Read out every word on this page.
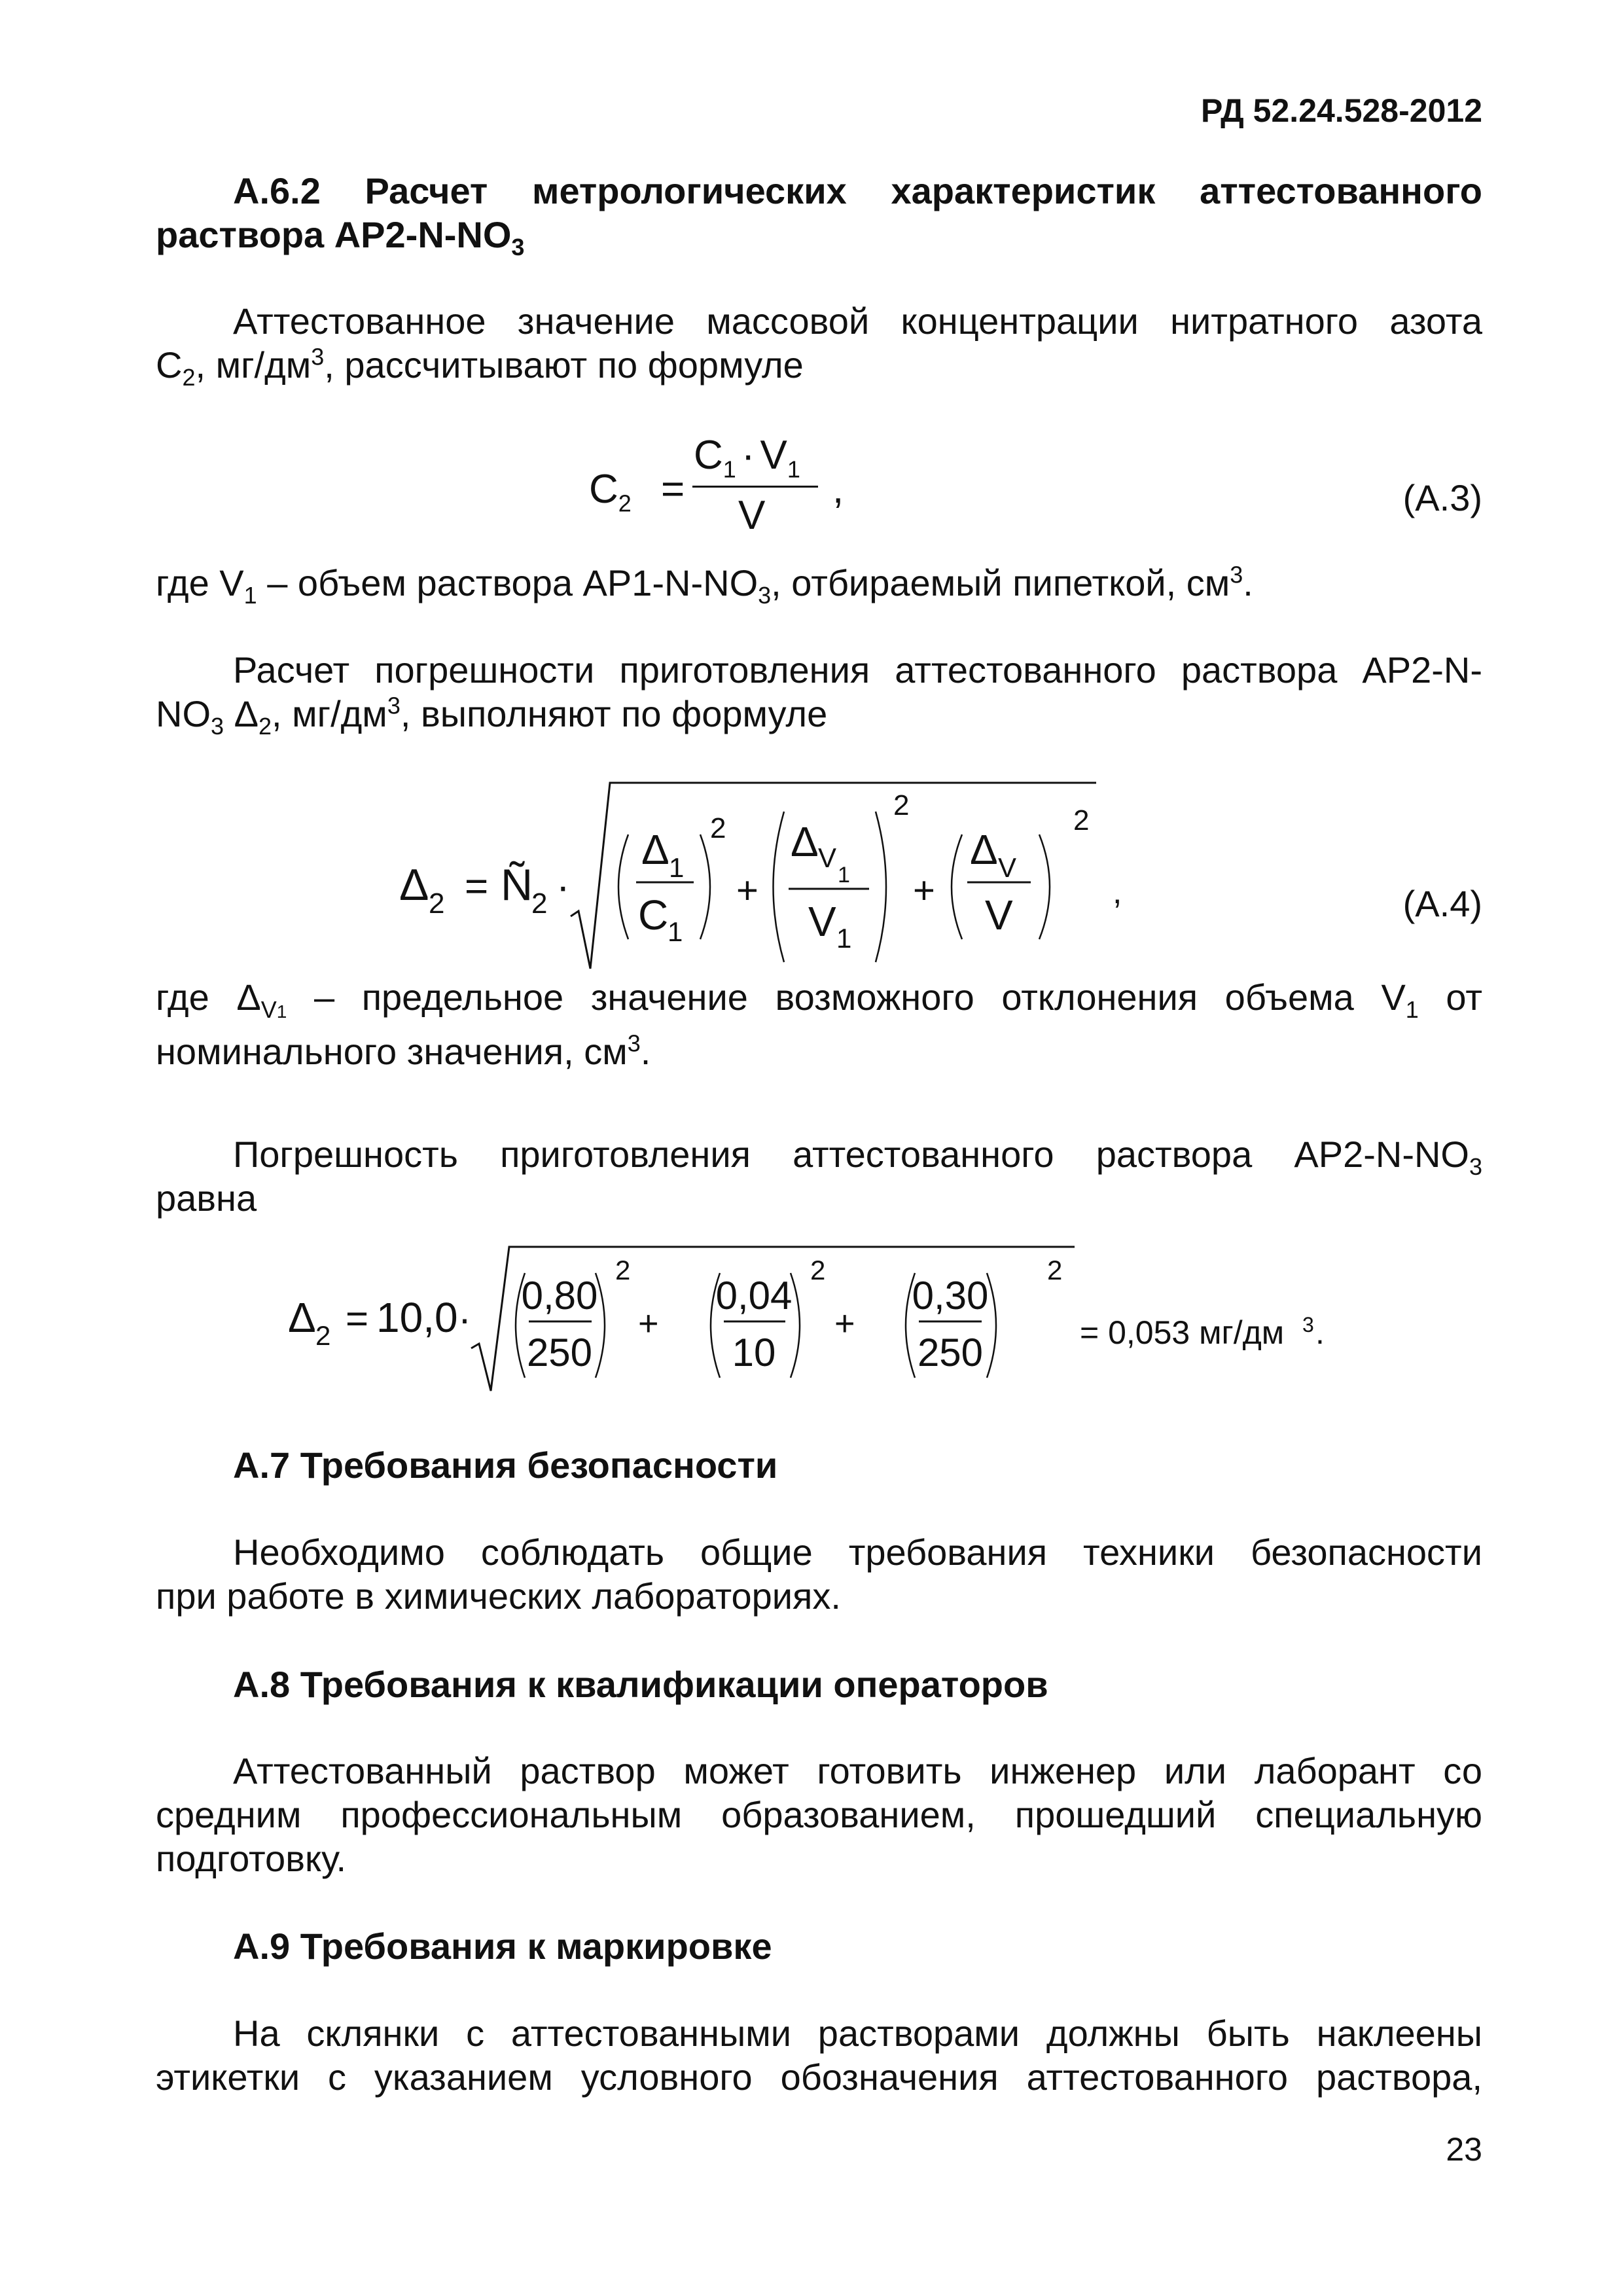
РД 52.24.528-2012
А.6.2 Расчет метрологических характеристик аттестованного
раствора $АР2-N-NO_3$
Аттестованное значение массовой концентрации нитратного азота
$С_2$, $мг/дм^3$, рассчитывают по формуле
$C_2$ =
$C_1 \cdot V_1$
V
,	(А.3)
где $V_1$ – объем раствора $АР1-N-NO_3$, отбираемый пипеткой, $см^3$.
Расчет погрешности приготовления аттестованного раствора АР2-N-
$NO_3$ $\Delta_2$, $мг/дм^3$, выполняют по формуле
Δ 2 = Ñ
2 ·
Δ 1
C
1
2
+
Δ V
1
V 1
2
+
Δ V
V
2
,	(А.4)
где $\Delta_{V1}$ – предельное значение возможного отклонения объема $V_1$ от
номинального значения, $см^3$.
Погрешность приготовления аттестованного раствора $АР2-N-NO_3$
равна
Δ 2 = 10,0 ·
0,80
250
2
+
0,04
10
2
+
0,30
250
2
= 0,053 мг/дм 3 .
А.7 Требования безопасности
Необходимо соблюдать общие требования техники безопасности
при работе в химических лабораториях.
А.8 Требования к квалификации операторов
Аттестованный раствор может готовить инженер или лаборант со
средним профессиональным образованием, прошедший специальную
подготовку.
А.9 Требования к маркировке
На склянки с аттестованными растворами должны быть наклеены
этикетки с указанием условного обозначения аттестованного раствора,
23
